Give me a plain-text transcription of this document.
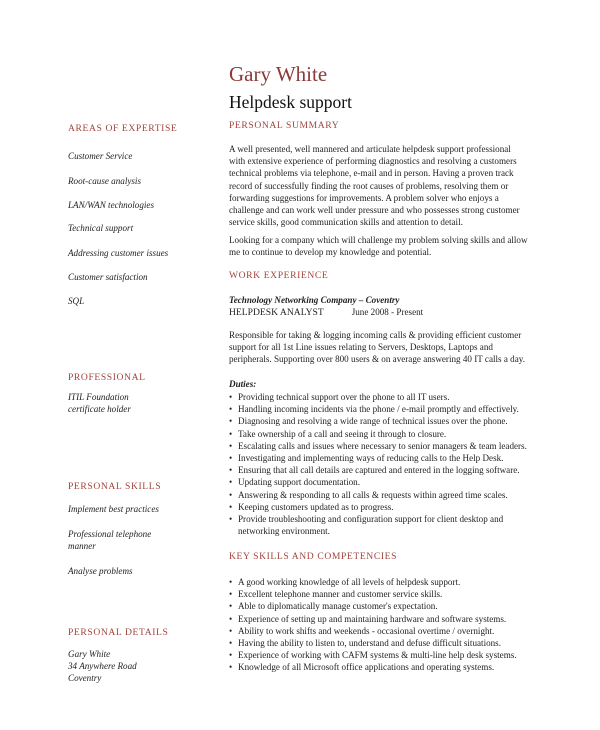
Gary White
Helpdesk support
AREAS OF EXPERTISE
Customer Service
Root-cause analysis
LAN/WAN technologies
Technical support
Addressing customer issues
Customer satisfaction
SQL
PROFESSIONAL
ITIL Foundation
certificate holder
PERSONAL SKILLS
Implement best practices
Professional telephone
manner
Analyse problems
PERSONAL DETAILS
Gary White
34 Anywhere Road
Coventry
PERSONAL SUMMARY
A well presented, well mannered and articulate helpdesk support professional
with extensive experience of performing diagnostics and resolving a customers
technical problems via telephone, e-mail and in person. Having a proven track
record of successfully finding the root causes of problems, resolving them or
forwarding suggestions for improvements. A problem solver who enjoys a
challenge and can work well under pressure and who possesses strong customer
service skills, good communication skills and attention to detail.
Looking for a company which will challenge my problem solving skills and allow
me to continue to develop my knowledge and potential.
WORK EXPERIENCE
Technology Networking Company – Coventry
HELPDESK ANALYST	June 2008 - Present
Responsible for taking & logging incoming calls & providing efficient customer
support for all 1st Line issues relating to Servers, Desktops, Laptops and
peripherals. Supporting over 800 users & on average answering 40 IT calls a day.
Duties:
• Providing technical support over the phone to all IT users.
• Handling incoming incidents via the phone / e-mail promptly and effectively.
• Diagnosing and resolving a wide range of technical issues over the phone.
• Take ownership of a call and seeing it through to closure.
• Escalating calls and issues where necessary to senior managers & team leaders.
• Investigating and implementing ways of reducing calls to the Help Desk.
• Ensuring that all call details are captured and entered in the logging software.
• Updating support documentation.
• Answering & responding to all calls & requests within agreed time scales.
• Keeping customers updated as to progress.
• Provide troubleshooting and configuration support for client desktop and
networking environment.
KEY SKILLS AND COMPETENCIES
• A good working knowledge of all levels of helpdesk support.
• Excellent telephone manner and customer service skills.
• Able to diplomatically manage customer's expectation.
• Experience of setting up and maintaining hardware and software systems.
• Ability to work shifts and weekends - occasional overtime / overnight.
• Having the ability to listen to, understand and defuse difficult situations.
• Experience of working with CAFM systems & multi-line help desk systems.
• Knowledge of all Microsoft office applications and operating systems.
